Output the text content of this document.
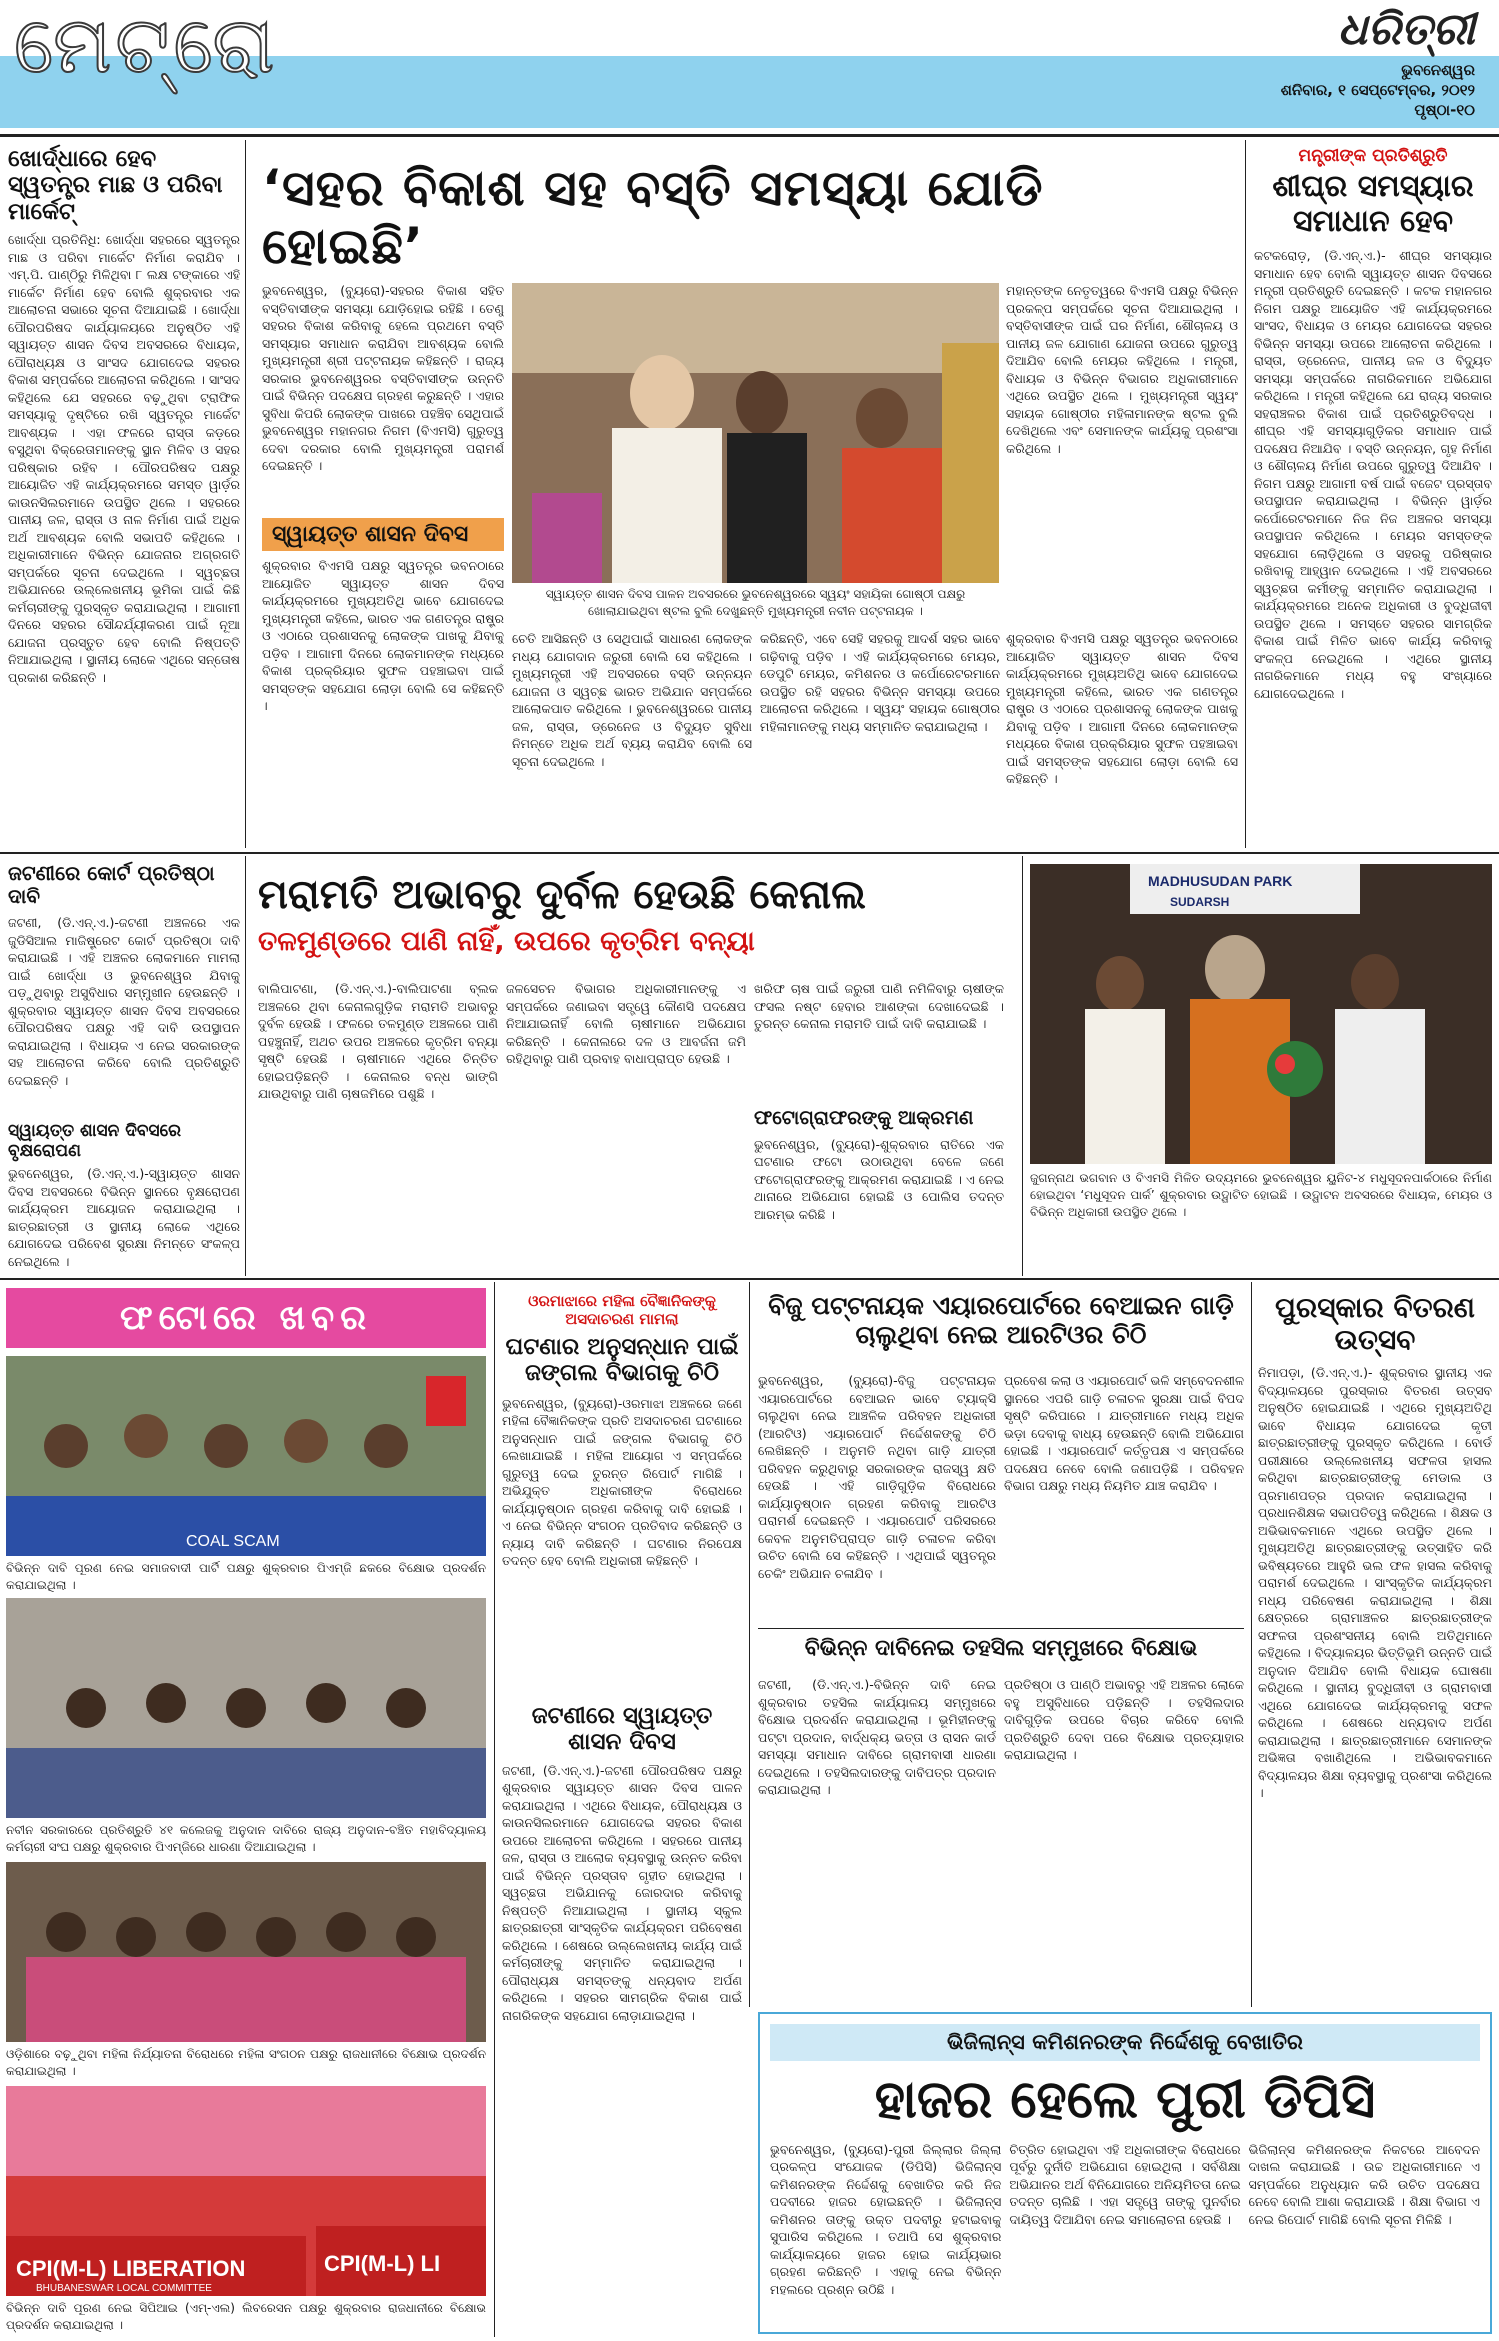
ମେଟ୍ରୋ	ଧରିତ୍ରୀ
ଭୁବନେଶ୍ୱର
ଶନିବାର, ୧ ସେପ୍ଟେମ୍ବର, ୨୦୧୨
ପୃଷ୍ଠା-୧୦
ଖୋର୍ଦ୍ଧାରେ ହେବ ସ୍ୱତନ୍ତ୍ର ମାଛ ଓ ପରିବା ମାର୍କେଟ୍
ଖୋର୍ଦ୍ଧା ପ୍ରତିନିଧି: ଖୋର୍ଦ୍ଧା ସହରରେ ସ୍ୱତନ୍ତ୍ର ମାଛ ଓ ପରିବା ମାର୍କେଟ ନିର୍ମାଣ କରାଯିବ । ଏମ୍.ପି. ପାଣ୍ଠିରୁ ମିଳିଥିବା ୮ ଲକ୍ଷ ଟଙ୍କାରେ ଏହି ମାର୍କେଟ ନିର୍ମାଣ ହେବ ବୋଲି ଶୁକ୍ରବାର ଏକ ଆଲୋଚନା ସଭାରେ ସୂଚନା ଦିଆଯାଇଛି । ଖୋର୍ଦ୍ଧା ପୌରପରିଷଦ କାର୍ଯ୍ୟାଳୟରେ ଅନୁଷ୍ଠିତ ଏହି ସ୍ୱାୟତ୍ତ ଶାସନ ଦିବସ ଅବସରରେ ବିଧାୟକ, ପୌରାଧ୍ୟକ୍ଷ ଓ ସାଂସଦ ଯୋଗଦେଇ ସହରର ବିକାଶ ସମ୍ପର୍କରେ ଆଲୋଚନା କରିଥିଲେ । ସାଂସଦ କହିଥିଲେ ଯେ ସହରରେ ବଢ଼ୁଥିବା ଟ୍ରାଫିକ ସମସ୍ୟାକୁ ଦୃଷ୍ଟିରେ ରଖି ସ୍ୱତନ୍ତ୍ର ମାର୍କେଟ ଆବଶ୍ୟକ । ଏହା ଫଳରେ ରାସ୍ତା କଡ଼ରେ ବସୁଥିବା ବିକ୍ରେତାମାନଙ୍କୁ ସ୍ଥାନ ମିଳିବ ଓ ସହର ପରିଷ୍କାର ରହିବ । ପୌରପରିଷଦ ପକ୍ଷରୁ ଆୟୋଜିତ ଏହି କାର୍ଯ୍ୟକ୍ରମରେ ସମସ୍ତ ୱାର୍ଡ଼ର କାଉନସିଲରମାନେ ଉପସ୍ଥିତ ଥିଲେ । ସହରରେ ପାନୀୟ ଜଳ, ରାସ୍ତା ଓ ନାଳ ନିର୍ମାଣ ପାଇଁ ଅଧିକ ଅର୍ଥ ଆବଶ୍ୟକ ବୋଲି ସଭାପତି କହିଥିଲେ । ଅଧିକାରୀମାନେ ବିଭିନ୍ନ ଯୋଜନାର ଅଗ୍ରଗତି ସମ୍ପର୍କରେ ସୂଚନା ଦେଇଥିଲେ । ସ୍ୱଚ୍ଛତା ଅଭିଯାନରେ ଉଲ୍ଲେଖନୀୟ ଭୂମିକା ପାଇଁ କିଛି କର୍ମଚାରୀଙ୍କୁ ପୁରସ୍କୃତ କରାଯାଇଥିଲା । ଆଗାମୀ ଦିନରେ ସହରର ସୌନ୍ଦର୍ଯ୍ୟୀକରଣ ପାଇଁ ନୂଆ ଯୋଜନା ପ୍ରସ୍ତୁତ ହେବ ବୋଲି ନିଷ୍ପତ୍ତି ନିଆଯାଇଥିଲା । ସ୍ଥାନୀୟ ଲୋକେ ଏଥିରେ ସନ୍ତୋଷ ପ୍ରକାଶ କରିଛନ୍ତି ।
‘ସହର ବିକାଶ ସହ ବସ୍ତି ସମସ୍ୟା ଯୋଡି ହୋଇଛି’
ଭୁବନେଶ୍ୱର, (ବ୍ୟୁରୋ)-ସହରର ବିକାଶ ସହିତ ବସ୍ତିବାସୀଙ୍କ ସମସ୍ୟା ଯୋଡ଼ିହୋଇ ରହିଛି । ତେଣୁ ସହରର ବିକାଶ କରିବାକୁ ହେଲେ ପ୍ରଥମେ ବସ୍ତି ସମସ୍ୟାର ସମାଧାନ କରାଯିବା ଆବଶ୍ୟକ ବୋଲି ମୁଖ୍ୟମନ୍ତ୍ରୀ ଶ୍ରୀ ପଟ୍ଟନାୟକ କହିଛନ୍ତି । ରାଜ୍ୟ ସରକାର ଭୁବନେଶ୍ୱରର ବସ୍ତିବାସୀଙ୍କ ଉନ୍ନତି ପାଇଁ ବିଭିନ୍ନ ପଦକ୍ଷେପ ଗ୍ରହଣ କରୁଛନ୍ତି । ଏହାର ସୁବିଧା କିପରି ଲୋକଙ୍କ ପାଖରେ ପହଞ୍ଚିବ ସେଥିପାଇଁ ଭୁବନେଶ୍ୱର ମହାନଗର ନିଗମ (ବିଏମସି) ଗୁରୁତ୍ୱ ଦେବା ଦରକାର ବୋଲି ମୁଖ୍ୟମନ୍ତ୍ରୀ ପରାମର୍ଶ ଦେଇଛନ୍ତି ।
ସ୍ୱାୟତ୍ତ ଶାସନ ଦିବସ
ଶୁକ୍ରବାର ବିଏମସି ପକ୍ଷରୁ ସ୍ୱତନ୍ତ୍ର ଭବନଠାରେ ଆୟୋଜିତ ସ୍ୱାୟତ୍ତ ଶାସନ ଦିବସ କାର୍ଯ୍ୟକ୍ରମରେ ମୁଖ୍ୟଅତିଥି ଭାବେ ଯୋଗଦେଇ ମୁଖ୍ୟମନ୍ତ୍ରୀ କହିଲେ, ଭାରତ ଏକ ଗଣତନ୍ତ୍ର ରାଷ୍ଟ୍ର ଓ ଏଠାରେ ପ୍ରଶାସନକୁ ଲୋକଙ୍କ ପାଖକୁ ଯିବାକୁ ପଡ଼ିବ । ଆଗାମୀ ଦିନରେ ଲୋକମାନଙ୍କ ମଧ୍ୟରେ ବିକାଶ ପ୍ରକ୍ରିୟାର ସୁଫଳ ପହଞ୍ଚାଇବା ପାଇଁ ସମସ୍ତଙ୍କ ସହଯୋଗ ଲୋଡ଼ା ବୋଲି ସେ କହିଛନ୍ତି ।
ସ୍ୱାୟତ୍ତ ଶାସନ ଦିବସ ପାଳନ ଅବସରରେ ଭୁବନେଶ୍ୱରରେ ସ୍ୱୟଂ ସହାୟିକା ଗୋଷ୍ଠୀ ପକ୍ଷରୁ ଖୋଲାଯାଇଥିବା ଷ୍ଟଲ ବୁଲି ଦେଖୁଛନ୍ତି ମୁଖ୍ୟମନ୍ତ୍ରୀ ନବୀନ ପଟ୍ଟନାୟକ ।
ମହାନ୍ତଙ୍କ ନେତୃତ୍ୱରେ ବିଏମସି ପକ୍ଷରୁ ବିଭିନ୍ନ ପ୍ରକଳ୍ପ ସମ୍ପର୍କରେ ସୂଚନା ଦିଆଯାଇଥିଲା । ବସ୍ତିବାସୀଙ୍କ ପାଇଁ ଘର ନିର୍ମାଣ, ଶୌଚାଳୟ ଓ ପାନୀୟ ଜଳ ଯୋଗାଣ ଯୋଜନା ଉପରେ ଗୁରୁତ୍ୱ ଦିଆଯିବ ବୋଲି ମେୟର କହିଥିଲେ । ମନ୍ତ୍ରୀ, ବିଧାୟକ ଓ ବିଭିନ୍ନ ବିଭାଗର ଅଧିକାରୀମାନେ ଏଥିରେ ଉପସ୍ଥିତ ଥିଲେ । ମୁଖ୍ୟମନ୍ତ୍ରୀ ସ୍ୱୟଂ ସହାୟକ ଗୋଷ୍ଠୀର ମହିଳାମାନଙ୍କ ଷ୍ଟଲ ବୁଲି ଦେଖିଥିଲେ ଏବଂ ସେମାନଙ୍କ କାର୍ଯ୍ୟକୁ ପ୍ରଶଂସା କରିଥିଲେ ।
ଚେତି ଆସିଛନ୍ତି ଓ ସେଥିପାଇଁ ସାଧାରଣ ଲୋକଙ୍କ ମଧ୍ୟ ଯୋଗଦାନ ଜରୁରୀ ବୋଲି ସେ କହିଥିଲେ । ମୁଖ୍ୟମନ୍ତ୍ରୀ ଏହି ଅବସରରେ ବସ୍ତି ଉନ୍ନୟନ ଯୋଜନା ଓ ସ୍ୱଚ୍ଛ ଭାରତ ଅଭିଯାନ ସମ୍ପର୍କରେ ଆଲୋକପାତ କରିଥିଲେ । ଭୁବନେଶ୍ୱରରେ ପାନୀୟ ଜଳ, ରାସ୍ତା, ଡ୍ରେନେଜ ଓ ବିଦ୍ୟୁତ ସୁବିଧା ନିମନ୍ତେ ଅଧିକ ଅର୍ଥ ବ୍ୟୟ କରାଯିବ ବୋଲି ସେ ସୂଚନା ଦେଇଥିଲେ ।
କରିଛନ୍ତି, ଏବେ ସେହି ସହରକୁ ଆଦର୍ଶ ସହର ଭାବେ ଗଢ଼ିବାକୁ ପଡ଼ିବ । ଏହି କାର୍ଯ୍ୟକ୍ରମରେ ମେୟର, ଡେପୁଟି ମେୟର, କମିଶନର ଓ କର୍ପୋରେଟରମାନେ ଉପସ୍ଥିତ ରହି ସହରର ବିଭିନ୍ନ ସମସ୍ୟା ଉପରେ ଆଲୋଚନା କରିଥିଲେ । ସ୍ୱୟଂ ସହାୟକ ଗୋଷ୍ଠୀର ମହିଳାମାନଙ୍କୁ ମଧ୍ୟ ସମ୍ମାନିତ କରାଯାଇଥିଲା ।
ଶୁକ୍ରବାର ବିଏମସି ପକ୍ଷରୁ ସ୍ୱତନ୍ତ୍ର ଭବନଠାରେ ଆୟୋଜିତ ସ୍ୱାୟତ୍ତ ଶାସନ ଦିବସ କାର୍ଯ୍ୟକ୍ରମରେ ମୁଖ୍ୟଅତିଥି ଭାବେ ଯୋଗଦେଇ ମୁଖ୍ୟମନ୍ତ୍ରୀ କହିଲେ, ଭାରତ ଏକ ଗଣତନ୍ତ୍ର ରାଷ୍ଟ୍ର ଓ ଏଠାରେ ପ୍ରଶାସନକୁ ଲୋକଙ୍କ ପାଖକୁ ଯିବାକୁ ପଡ଼ିବ । ଆଗାମୀ ଦିନରେ ଲୋକମାନଙ୍କ ମଧ୍ୟରେ ବିକାଶ ପ୍ରକ୍ରିୟାର ସୁଫଳ ପହଞ୍ଚାଇବା ପାଇଁ ସମସ୍ତଙ୍କ ସହଯୋଗ ଲୋଡ଼ା ବୋଲି ସେ କହିଛନ୍ତି ।
ମନ୍ତ୍ରୀଙ୍କ ପ୍ରତିଶ୍ରୁତି
ଶୀଘ୍ର ସମସ୍ୟାର ସମାଧାନ ହେବ
କଟକରୋଡ଼, (ଡି.ଏନ୍.ଏ.)- ଶୀଘ୍ର ସମସ୍ୟାର ସମାଧାନ ହେବ ବୋଲି ସ୍ୱାୟତ୍ତ ଶାସନ ଦିବସରେ ମନ୍ତ୍ରୀ ପ୍ରତିଶ୍ରୁତି ଦେଇଛନ୍ତି । କଟକ ମହାନଗର ନିଗମ ପକ୍ଷରୁ ଆୟୋଜିତ ଏହି କାର୍ଯ୍ୟକ୍ରମରେ ସାଂସଦ, ବିଧାୟକ ଓ ମେୟର ଯୋଗଦେଇ ସହରର ବିଭିନ୍ନ ସମସ୍ୟା ଉପରେ ଆଲୋଚନା କରିଥିଲେ । ରାସ୍ତା, ଡ୍ରେନେଜ, ପାନୀୟ ଜଳ ଓ ବିଦ୍ୟୁତ ସମସ୍ୟା ସମ୍ପର୍କରେ ନାଗରିକମାନେ ଅଭିଯୋଗ କରିଥିଲେ । ମନ୍ତ୍ରୀ କହିଥିଲେ ଯେ ରାଜ୍ୟ ସରକାର ସହରାଞ୍ଚଳର ବିକାଶ ପାଇଁ ପ୍ରତିଶ୍ରୁତିବଦ୍ଧ । ଶୀଘ୍ର ଏହି ସମସ୍ୟାଗୁଡ଼ିକର ସମାଧାନ ପାଇଁ ପଦକ୍ଷେପ ନିଆଯିବ । ବସ୍ତି ଉନ୍ନୟନ, ଗୃହ ନିର୍ମାଣ ଓ ଶୌଚାଳୟ ନିର୍ମାଣ ଉପରେ ଗୁରୁତ୍ୱ ଦିଆଯିବ । ନିଗମ ପକ୍ଷରୁ ଆଗାମୀ ବର୍ଷ ପାଇଁ ବଜେଟ ପ୍ରସ୍ତାବ ଉପସ୍ଥାପନ କରାଯାଇଥିଲା । ବିଭିନ୍ନ ୱାର୍ଡ଼ର କର୍ପୋରେଟରମାନେ ନିଜ ନିଜ ଅଞ୍ଚଳର ସମସ୍ୟା ଉପସ୍ଥାପନ କରିଥିଲେ । ମେୟର ସମସ୍ତଙ୍କ ସହଯୋଗ ଲୋଡ଼ିଥିଲେ ଓ ସହରକୁ ପରିଷ୍କାର ରଖିବାକୁ ଆହ୍ୱାନ ଦେଇଥିଲେ । ଏହି ଅବସରରେ ସ୍ୱଚ୍ଛତା କର୍ମୀଙ୍କୁ ସମ୍ମାନିତ କରାଯାଇଥିଲା । କାର୍ଯ୍ୟକ୍ରମରେ ଅନେକ ଅଧିକାରୀ ଓ ବୁଦ୍ଧିଜୀବୀ ଉପସ୍ଥିତ ଥିଲେ । ସମସ୍ତେ ସହରର ସାମଗ୍ରିକ ବିକାଶ ପାଇଁ ମିଳିତ ଭାବେ କାର୍ଯ୍ୟ କରିବାକୁ ସଂକଳ୍ପ ନେଇଥିଲେ । ଏଥିରେ ସ୍ଥାନୀୟ ନାଗରିକମାନେ ମଧ୍ୟ ବହୁ ସଂଖ୍ୟାରେ ଯୋଗଦେଇଥିଲେ ।
ଜଟଣୀରେ କୋର୍ଟ ପ୍ରତିଷ୍ଠା ଦାବି
ଜଟଣୀ, (ଡି.ଏନ୍.ଏ.)-ଜଟଣୀ ଅଞ୍ଚଳରେ ଏକ ଜୁଡିସିଆଲ ମାଜିଷ୍ଟ୍ରେଟ କୋର୍ଟ ପ୍ରତିଷ୍ଠା ଦାବି କରାଯାଇଛି । ଏହି ଅଞ୍ଚଳର ଲୋକମାନେ ମାମଲା ପାଇଁ ଖୋର୍ଦ୍ଧା ଓ ଭୁବନେଶ୍ୱର ଯିବାକୁ ପଡ଼ୁଥିବାରୁ ଅସୁବିଧାର ସମ୍ମୁଖୀନ ହେଉଛନ୍ତି । ଶୁକ୍ରବାର ସ୍ୱାୟତ୍ତ ଶାସନ ଦିବସ ଅବସରରେ ପୌରପରିଷଦ ପକ୍ଷରୁ ଏହି ଦାବି ଉପସ୍ଥାପନ କରାଯାଇଥିଲା । ବିଧାୟକ ଏ ନେଇ ସରକାରଙ୍କ ସହ ଆଲୋଚନା କରିବେ ବୋଲି ପ୍ରତିଶ୍ରୁତି ଦେଇଛନ୍ତି ।
ସ୍ୱାୟତ୍ତ ଶାସନ ଦିବସରେ ବୃକ୍ଷରୋପଣ
ଭୁବନେଶ୍ୱର, (ଡି.ଏନ୍.ଏ.)-ସ୍ୱାୟତ୍ତ ଶାସନ ଦିବସ ଅବସରରେ ବିଭିନ୍ନ ସ୍ଥାନରେ ବୃକ୍ଷରୋପଣ କାର୍ଯ୍ୟକ୍ରମ ଆୟୋଜନ କରାଯାଇଥିଲା । ଛାତ୍ରଛାତ୍ରୀ ଓ ସ୍ଥାନୀୟ ଲୋକେ ଏଥିରେ ଯୋଗଦେଇ ପରିବେଶ ସୁରକ୍ଷା ନିମନ୍ତେ ସଂକଳ୍ପ ନେଇଥିଲେ ।
ମରାମତି ଅଭାବରୁ ଦୁର୍ବଳ ହେଉଛି କେନାଲ
ତଳମୁଣ୍ଡରେ ପାଣି ନାହିଁ, ଉପରେ କୃତ୍ରିମ ବନ୍ୟା
ବାଲିପାଟଣା, (ଡି.ଏନ୍.ଏ.)-ବାଲିପାଟଣା ବ୍ଲକ ଅଞ୍ଚଳରେ ଥିବା କେନାଲଗୁଡ଼ିକ ମରାମତି ଅଭାବରୁ ଦୁର୍ବଳ ହେଉଛି । ଫଳରେ ତଳମୁଣ୍ଡ ଅଞ୍ଚଳରେ ପାଣି ପହଞ୍ଚୁନାହିଁ, ଅଥଚ ଉପର ଅଞ୍ଚଳରେ କୃତ୍ରିମ ବନ୍ୟା ସୃଷ୍ଟି ହେଉଛି । ଚାଷୀମାନେ ଏଥିରେ ଚିନ୍ତିତ ହୋଇପଡ଼ିଛନ୍ତି । କେନାଲର ବନ୍ଧ ଭାଙ୍ଗି ଯାଉଥିବାରୁ ପାଣି ଚାଷଜମିରେ ପଶୁଛି ।
ଜଳସେଚନ ବିଭାଗର ଅଧିକାରୀମାନଙ୍କୁ ଏ ସମ୍ପର୍କରେ ଜଣାଇବା ସତ୍ତ୍ୱେ କୌଣସି ପଦକ୍ଷେପ ନିଆଯାଇନାହିଁ ବୋଲି ଚାଷୀମାନେ ଅଭିଯୋଗ କରିଛନ୍ତି । କେନାଲରେ ଦଳ ଓ ଆବର୍ଜନା ଜମି ରହିଥିବାରୁ ପାଣି ପ୍ରବାହ ବାଧାପ୍ରାପ୍ତ ହେଉଛି ।
ଖରିଫ ଚାଷ ପାଇଁ ଜରୁରୀ ପାଣି ନମିଳିବାରୁ ଚାଷୀଙ୍କ ଫସଲ ନଷ୍ଟ ହେବାର ଆଶଙ୍କା ଦେଖାଦେଇଛି । ତୁରନ୍ତ କେନାଲ ମରାମତି ପାଇଁ ଦାବି କରାଯାଇଛି ।
ଫଟୋଗ୍ରାଫରଙ୍କୁ ଆକ୍ରମଣ
ଭୁବନେଶ୍ୱର, (ବ୍ୟୁରୋ)-ଶୁକ୍ରବାର ରାତିରେ ଏକ ଘଟଣାର ଫଟୋ ଉଠାଉଥିବା ବେଳେ ଜଣେ ଫଟୋଗ୍ରାଫରଙ୍କୁ ଆକ୍ରମଣ କରାଯାଇଛି । ଏ ନେଇ ଥାନାରେ ଅଭିଯୋଗ ହୋଇଛି ଓ ପୋଲିସ ତଦନ୍ତ ଆରମ୍ଭ କରିଛି ।
MADHUSUDAN PARK
SUDARSH
ଜୁଗନ୍ନାଥ ଭଗବାନ ଓ ବିଏମସି ମିଳିତ ଉଦ୍ୟମରେ ଭୁବନେଶ୍ୱର ୟୁନିଟ-୪ ମଧୁସୂଦନପାର୍କଠାରେ ନିର୍ମାଣ ହୋଇଥିବା ‘ମଧୁସୂଦନ ପାର୍କ’ ଶୁକ୍ରବାର ଉଦ୍ଘାଟିତ ହୋଇଛି । ଉଦ୍ଘାଟନ ଅବସରରେ ବିଧାୟକ, ମେୟର ଓ ବିଭିନ୍ନ ଅଧିକାରୀ ଉପସ୍ଥିତ ଥିଲେ ।
ଫଟୋରେ ଖବର
COAL SCAM
ବିଭିନ୍ନ ଦାବି ପୂରଣ ନେଇ ସମାଜବାଦୀ ପାର୍ଟି ପକ୍ଷରୁ ଶୁକ୍ରବାର ପିଏମ୍‌ଜି ଛକରେ ବିକ୍ଷୋଭ ପ୍ରଦର୍ଶନ କରାଯାଇଥିଲା ।
ନବୀନ ସରକାରରେ ପ୍ରତିଶ୍ରୁତି ୪୧ କଲେଜକୁ ଅନୁଦାନ ଦାବିରେ ରାଜ୍ୟ ଅନୁଦାନ-ବଞ୍ଚିତ ମହାବିଦ୍ୟାଳୟ କର୍ମଚାରୀ ସଂଘ ପକ୍ଷରୁ ଶୁକ୍ରବାର ପିଏମ୍‌ଜିରେ ଧାରଣା ଦିଆଯାଇଥିଲା ।
ଓଡ଼ିଶାରେ ବଢ଼ୁଥିବା ମହିଳା ନିର୍ଯ୍ୟାତନା ବିରୋଧରେ ମହିଳା ସଂଗଠନ ପକ୍ଷରୁ ରାଜଧାନୀରେ ବିକ୍ଷୋଭ ପ୍ରଦର୍ଶନ କରାଯାଇଥିଲା ।
CPI(M-L) LIBERATION
BHUBANESWAR LOCAL COMMITTEE
CPI(M-L) LI
ବିଭିନ୍ନ ଦାବି ପୂରଣ ନେଇ ସିପିଆଇ (ଏମ୍-ଏଲ) ଲିବରେସନ ପକ୍ଷରୁ ଶୁକ୍ରବାର ରାଜଧାନୀରେ ବିକ୍ଷୋଭ ପ୍ରଦର୍ଶନ କରାଯାଇଥିଲା ।
ଓରମାଝାରେ ମହିଳା ବୈଜ୍ଞାନିକଙ୍କୁ ଅସଦାଚରଣ ମାମଲା
ଘଟଣାର ଅନୁସନ୍ଧାନ ପାଇଁ ଜଙ୍ଗଲ ବିଭାଗକୁ ଚିଠି
ଭୁବନେଶ୍ୱର, (ବ୍ୟୁରୋ)-ଓରମାଝା ଅଞ୍ଚଳରେ ଜଣେ ମହିଳା ବୈଜ୍ଞାନିକଙ୍କ ପ୍ରତି ଅସଦାଚରଣ ଘଟଣାରେ ଅନୁସନ୍ଧାନ ପାଇଁ ଜଙ୍ଗଲ ବିଭାଗକୁ ଚିଠି ଲେଖାଯାଇଛି । ମହିଳା ଆୟୋଗ ଏ ସମ୍ପର୍କରେ ଗୁରୁତ୍ୱ ଦେଇ ତୁରନ୍ତ ରିପୋର୍ଟ ମାଗିଛି । ଅଭିଯୁକ୍ତ ଅଧିକାରୀଙ୍କ ବିରୋଧରେ କାର୍ଯ୍ୟାନୁଷ୍ଠାନ ଗ୍ରହଣ କରିବାକୁ ଦାବି ହୋଇଛି । ଏ ନେଇ ବିଭିନ୍ନ ସଂଗଠନ ପ୍ରତିବାଦ କରିଛନ୍ତି ଓ ନ୍ୟାୟ ଦାବି କରିଛନ୍ତି । ଘଟଣାର ନିରପେକ୍ଷ ତଦନ୍ତ ହେବ ବୋଲି ଅଧିକାରୀ କହିଛନ୍ତି ।
ଜଟଣୀରେ ସ୍ୱାୟତ୍ତ ଶାସନ ଦିବସ
ଜଟଣୀ, (ଡି.ଏନ୍.ଏ.)-ଜଟଣୀ ପୌରପରିଷଦ ପକ୍ଷରୁ ଶୁକ୍ରବାର ସ୍ୱାୟତ୍ତ ଶାସନ ଦିବସ ପାଳନ କରାଯାଇଥିଲା । ଏଥିରେ ବିଧାୟକ, ପୌରାଧ୍ୟକ୍ଷ ଓ କାଉନସିଲରମାନେ ଯୋଗଦେଇ ସହରର ବିକାଶ ଉପରେ ଆଲୋଚନା କରିଥିଲେ । ସହରରେ ପାନୀୟ ଜଳ, ରାସ୍ତା ଓ ଆଲୋକ ବ୍ୟବସ୍ଥାକୁ ଉନ୍ନତ କରିବା ପାଇଁ ବିଭିନ୍ନ ପ୍ରସ୍ତାବ ଗୃହୀତ ହୋଇଥିଲା । ସ୍ୱଚ୍ଛତା ଅଭିଯାନକୁ ଜୋରଦାର କରିବାକୁ ନିଷ୍ପତ୍ତି ନିଆଯାଇଥିଲା । ସ୍ଥାନୀୟ ସ୍କୁଲ ଛାତ୍ରଛାତ୍ରୀ ସାଂସ୍କୃତିକ କାର୍ଯ୍ୟକ୍ରମ ପରିବେଷଣ କରିଥିଲେ । ଶେଷରେ ଉଲ୍ଲେଖନୀୟ କାର୍ଯ୍ୟ ପାଇଁ କର୍ମଚାରୀଙ୍କୁ ସମ୍ମାନିତ କରାଯାଇଥିଲା । ପୌରାଧ୍ୟକ୍ଷ ସମସ୍ତଙ୍କୁ ଧନ୍ୟବାଦ ଅର୍ପଣ କରିଥିଲେ । ସହରର ସାମଗ୍ରିକ ବିକାଶ ପାଇଁ ନାଗରିକଙ୍କ ସହଯୋଗ ଲୋଡ଼ାଯାଇଥିଲା ।
ବିଜୁ ପଟ୍ଟନାୟକ ଏୟାରପୋର୍ଟରେ ବେଆଇନ ଗାଡ଼ି ଚାଲୁଥିବା ନେଇ ଆରଟିଓର ଚିଠି
ଭୁବନେଶ୍ୱର, (ବ୍ୟୁରୋ)-ବିଜୁ ପଟ୍ଟନାୟକ ଏୟାରପୋର୍ଟରେ ବେଆଇନ ଭାବେ ଟ୍ୟାକ୍ସି ଚାଲୁଥିବା ନେଇ ଆଞ୍ଚଳିକ ପରିବହନ ଅଧିକାରୀ (ଆରଟିଓ) ଏୟାରପୋର୍ଟ ନିର୍ଦ୍ଦେଶକଙ୍କୁ ଚିଠି ଲେଖିଛନ୍ତି । ଅନୁମତି ନଥିବା ଗାଡ଼ି ଯାତ୍ରୀ ପରିବହନ କରୁଥିବାରୁ ସରକାରଙ୍କ ରାଜସ୍ୱ କ୍ଷତି ହେଉଛି । ଏହି ଗାଡ଼ିଗୁଡ଼ିକ ବିରୋଧରେ କାର୍ଯ୍ୟାନୁଷ୍ଠାନ ଗ୍ରହଣ କରିବାକୁ ଆରଟିଓ ପରାମର୍ଶ ଦେଇଛନ୍ତି । ଏୟାରପୋର୍ଟ ପରିସରରେ କେବଳ ଅନୁମତିପ୍ରାପ୍ତ ଗାଡ଼ି ଚଳାଚଳ କରିବା ଉଚିତ ବୋଲି ସେ କହିଛନ୍ତି । ଏଥିପାଇଁ ସ୍ୱତନ୍ତ୍ର ଚେକିଂ ଅଭିଯାନ ଚଳାଯିବ ।
ପ୍ରବେଶ କଲା ଓ ଏୟାରପୋର୍ଟ ଭଳି ସମ୍ବେଦନଶୀଳ ସ୍ଥାନରେ ଏପରି ଗାଡ଼ି ଚଳାଚଳ ସୁରକ୍ଷା ପାଇଁ ବିପଦ ସୃଷ୍ଟି କରିପାରେ । ଯାତ୍ରୀମାନେ ମଧ୍ୟ ଅଧିକ ଭଡ଼ା ଦେବାକୁ ବାଧ୍ୟ ହେଉଛନ୍ତି ବୋଲି ଅଭିଯୋଗ ହୋଇଛି । ଏୟାରପୋର୍ଟ କର୍ତ୍ତୃପକ୍ଷ ଏ ସମ୍ପର୍କରେ ପଦକ୍ଷେପ ନେବେ ବୋଲି ଜଣାପଡ଼ିଛି । ପରିବହନ ବିଭାଗ ପକ୍ଷରୁ ମଧ୍ୟ ନିୟମିତ ଯାଞ୍ଚ କରାଯିବ ।
ବିଭିନ୍ନ ଦାବିନେଇ ତହସିଲ ସମ୍ମୁଖରେ ବିକ୍ଷୋଭ
ଜଟଣୀ, (ଡି.ଏନ୍.ଏ.)-ବିଭିନ୍ନ ଦାବି ନେଇ ଶୁକ୍ରବାର ତହସିଲ କାର୍ଯ୍ୟାଳୟ ସମ୍ମୁଖରେ ବିକ୍ଷୋଭ ପ୍ରଦର୍ଶନ କରାଯାଇଥିଲା । ଭୂମିହୀନଙ୍କୁ ପଟ୍ଟା ପ୍ରଦାନ, ବାର୍ଦ୍ଧକ୍ୟ ଭତ୍ତା ଓ ରାସନ କାର୍ଡ ସମସ୍ୟା ସମାଧାନ ଦାବିରେ ଗ୍ରାମବାସୀ ଧାରଣା ଦେଇଥିଲେ । ତହସିଲଦାରଙ୍କୁ ଦାବିପତ୍ର ପ୍ରଦାନ କରାଯାଇଥିଲା ।
ପ୍ରତିଷ୍ଠା ଓ ପାଣ୍ଠି ଅଭାବରୁ ଏହି ଅଞ୍ଚଳର ଲୋକେ ବହୁ ଅସୁବିଧାରେ ପଡ଼ିଛନ୍ତି । ତହସିଲଦାର ଦାବିଗୁଡ଼ିକ ଉପରେ ବିଚାର କରିବେ ବୋଲି ପ୍ରତିଶ୍ରୁତି ଦେବା ପରେ ବିକ୍ଷୋଭ ପ୍ରତ୍ୟାହାର କରାଯାଇଥିଲା ।
ପୁରସ୍କାର ବିତରଣ ଉତ୍ସବ
ନିମାପଡ଼ା, (ଡି.ଏନ୍.ଏ.)- ଶୁକ୍ରବାର ସ୍ଥାନୀୟ ଏକ ବିଦ୍ୟାଳୟରେ ପୁରସ୍କାର ବିତରଣ ଉତ୍ସବ ଅନୁଷ୍ଠିତ ହୋଇଯାଇଛି । ଏଥିରେ ମୁଖ୍ୟଅତିଥି ଭାବେ ବିଧାୟକ ଯୋଗଦେଇ କୃତୀ ଛାତ୍ରଛାତ୍ରୀଙ୍କୁ ପୁରସ୍କୃତ କରିଥିଲେ । ବୋର୍ଡ ପରୀକ୍ଷାରେ ଉଲ୍ଲେଖନୀୟ ସଫଳତା ହାସଲ କରିଥିବା ଛାତ୍ରଛାତ୍ରୀଙ୍କୁ ମେଡାଲ ଓ ପ୍ରମାଣପତ୍ର ପ୍ରଦାନ କରାଯାଇଥିଲା । ପ୍ରଧାନଶିକ୍ଷକ ସଭାପତିତ୍ୱ କରିଥିଲେ । ଶିକ୍ଷକ ଓ ଅଭିଭାବକମାନେ ଏଥିରେ ଉପସ୍ଥିତ ଥିଲେ । ମୁଖ୍ୟଅତିଥି ଛାତ୍ରଛାତ୍ରୀଙ୍କୁ ଉତ୍ସାହିତ କରି ଭବିଷ୍ୟତରେ ଆହୁରି ଭଲ ଫଳ ହାସଲ କରିବାକୁ ପରାମର୍ଶ ଦେଇଥିଲେ । ସାଂସ୍କୃତିକ କାର୍ଯ୍ୟକ୍ରମ ମଧ୍ୟ ପରିବେଷଣ କରାଯାଇଥିଲା । ଶିକ୍ଷା କ୍ଷେତ୍ରରେ ଗ୍ରାମାଞ୍ଚଳର ଛାତ୍ରଛାତ୍ରୀଙ୍କ ସଫଳତା ପ୍ରଶଂସନୀୟ ବୋଲି ଅତିଥିମାନେ କହିଥିଲେ । ବିଦ୍ୟାଳୟର ଭିତ୍ତିଭୂମି ଉନ୍ନତି ପାଇଁ ଅନୁଦାନ ଦିଆଯିବ ବୋଲି ବିଧାୟକ ଘୋଷଣା କରିଥିଲେ । ସ୍ଥାନୀୟ ବୁଦ୍ଧିଜୀବୀ ଓ ଗ୍ରାମବାସୀ ଏଥିରେ ଯୋଗଦେଇ କାର୍ଯ୍ୟକ୍ରମକୁ ସଫଳ କରିଥିଲେ । ଶେଷରେ ଧନ୍ୟବାଦ ଅର୍ପଣ କରାଯାଇଥିଲା । ଛାତ୍ରଛାତ୍ରୀମାନେ ସେମାନଙ୍କ ଅଭିଜ୍ଞତା ବଖାଣିଥିଲେ । ଅଭିଭାବକମାନେ ବିଦ୍ୟାଳୟର ଶିକ୍ଷା ବ୍ୟବସ୍ଥାକୁ ପ୍ରଶଂସା କରିଥିଲେ ।
ଭିଜିଲାନ୍ସ କମିଶନରଙ୍କ ନିର୍ଦ୍ଦେଶକୁ ବେଖାତିର
ହାଜର ହେଲେ ପୁରୀ ଡିପିସି
ଭୁବନେଶ୍ୱର, (ବ୍ୟୁରୋ)-ପୁରୀ ଜିଲ୍ଲାର ଜିଲ୍ଲା ପ୍ରକଳ୍ପ ସଂଯୋଜକ (ଡିପିସି) ଭିଜିଲାନ୍ସ କମିଶନରଙ୍କ ନିର୍ଦ୍ଦେଶକୁ ବେଖାତିର କରି ନିଜ ପଦବୀରେ ହାଜର ହୋଇଛନ୍ତି । ଭିଜିଲାନ୍ସ କମିଶନର ତାଙ୍କୁ ଉକ୍ତ ପଦବୀରୁ ହଟାଇବାକୁ ସୁପାରିସ କରିଥିଲେ । ତଥାପି ସେ ଶୁକ୍ରବାର କାର୍ଯ୍ୟାଳୟରେ ହାଜର ହୋଇ କାର୍ଯ୍ୟଭାର ଗ୍ରହଣ କରିଛନ୍ତି । ଏହାକୁ ନେଇ ବିଭିନ୍ନ ମହଲରେ ପ୍ରଶ୍ନ ଉଠିଛି ।
ଚିତ୍ରିତ ହୋଇଥିବା ଏହି ଅଧିକାରୀଙ୍କ ବିରୋଧରେ ପୂର୍ବରୁ ଦୁର୍ନୀତି ଅଭିଯୋଗ ହୋଇଥିଲା । ସର୍ବଶିକ୍ଷା ଅଭିଯାନର ଅର୍ଥ ବିନିଯୋଗରେ ଅନିୟମିତତା ନେଇ ତଦନ୍ତ ଚାଲିଛି । ଏହା ସତ୍ତ୍ୱେ ତାଙ୍କୁ ପୁନର୍ବାର ଦାୟିତ୍ୱ ଦିଆଯିବା ନେଇ ସମାଲୋଚନା ହେଉଛି ।
ଭିଜିଲାନ୍ସ କମିଶନରଙ୍କ ନିକଟରେ ଆବେଦନ ଦାଖଲ କରାଯାଇଛି । ଉଚ୍ଚ ଅଧିକାରୀମାନେ ଏ ସମ୍ପର୍କରେ ଅନୁଧ୍ୟାନ କରି ଉଚିତ ପଦକ୍ଷେପ ନେବେ ବୋଲି ଆଶା କରାଯାଉଛି । ଶିକ୍ଷା ବିଭାଗ ଏ ନେଇ ରିପୋର୍ଟ ମାଗିଛି ବୋଲି ସୂଚନା ମିଳିଛି ।
